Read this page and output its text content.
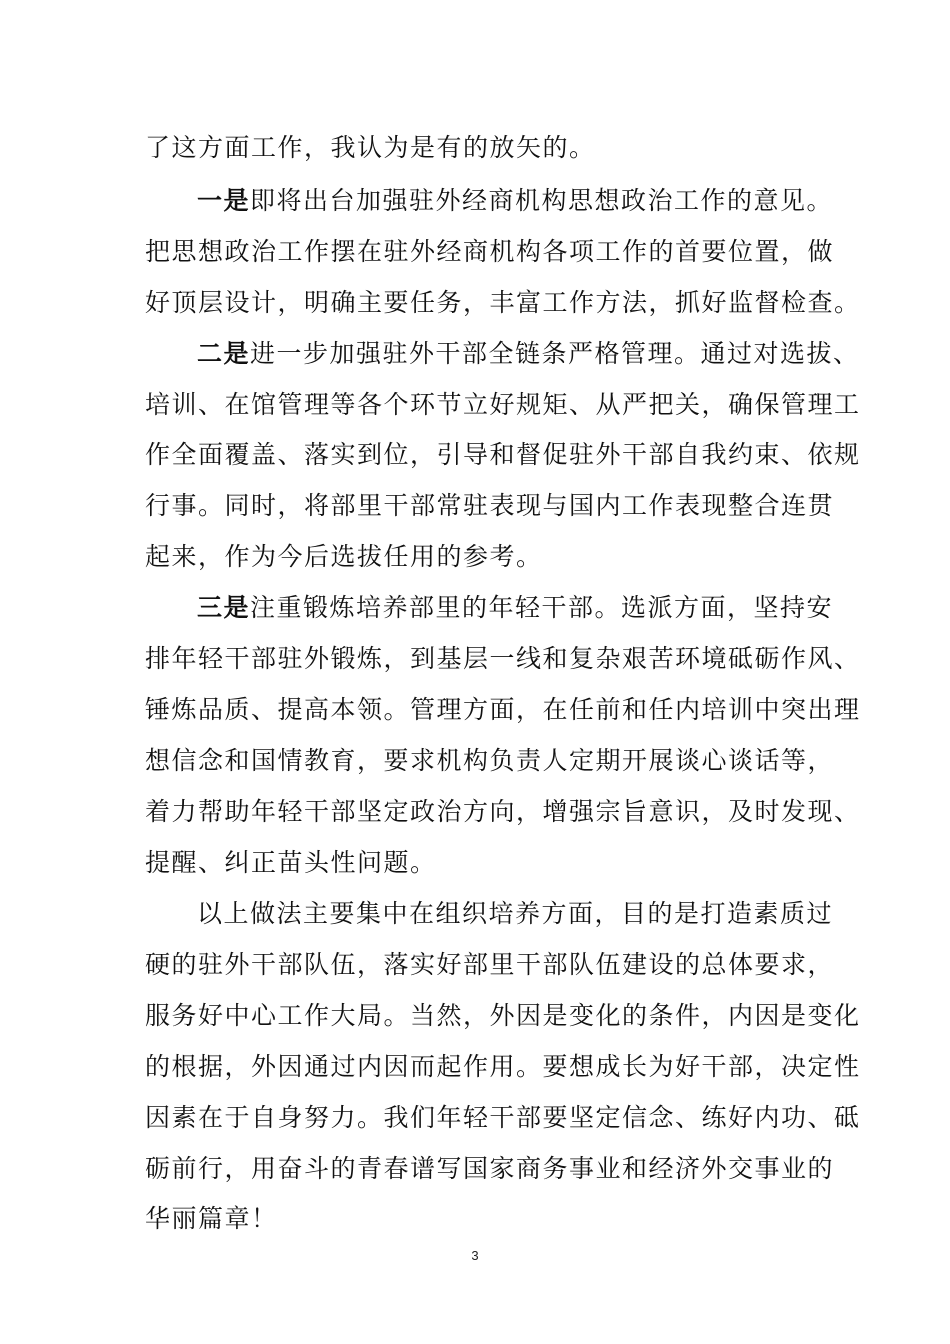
了这方面工作，我认为是有的放矢的。
一是即将出台加强驻外经商机构思想政治工作的意见。
把思想政治工作摆在驻外经商机构各项工作的首要位置，做
好顶层设计，明确主要任务，丰富工作方法，抓好监督检查。
二是进一步加强驻外干部全链条严格管理。通过对选拔、
培训、在馆管理等各个环节立好规矩、从严把关，确保管理工
作全面覆盖、落实到位，引导和督促驻外干部自我约束、依规
行事。同时，将部里干部常驻表现与国内工作表现整合连贯
起来，作为今后选拔任用的参考。
三是注重锻炼培养部里的年轻干部。选派方面，坚持安
排年轻干部驻外锻炼，到基层一线和复杂艰苦环境砥砺作风、
锤炼品质、提高本领。管理方面，在任前和任内培训中突出理
想信念和国情教育，要求机构负责人定期开展谈心谈话等，
着力帮助年轻干部坚定政治方向，增强宗旨意识，及时发现、
提醒、纠正苗头性问题。
以上做法主要集中在组织培养方面，目的是打造素质过
硬的驻外干部队伍，落实好部里干部队伍建设的总体要求，
服务好中心工作大局。当然，外因是变化的条件，内因是变化
的根据，外因通过内因而起作用。要想成长为好干部，决定性
因素在于自身努力。我们年轻干部要坚定信念、练好内功、砥
砺前行，用奋斗的青春谱写国家商务事业和经济外交事业的
华丽篇章！
3
